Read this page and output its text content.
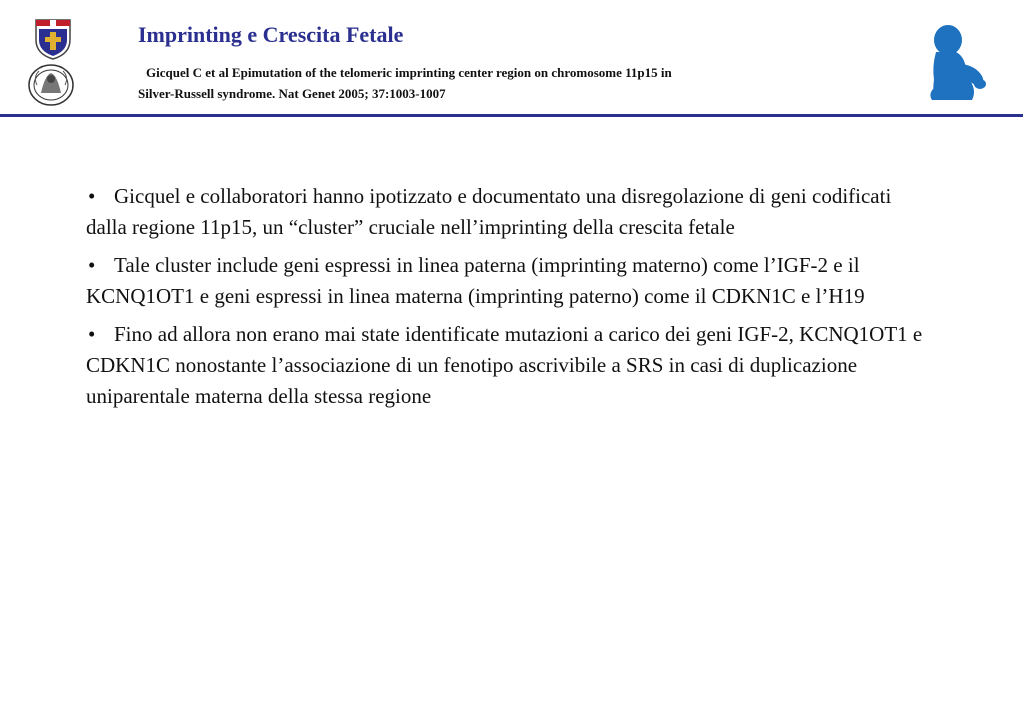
Imprinting e Crescita Fetale
Gicquel C et al Epimutation of the telomeric imprinting center region on chromosome 11p15 in
Silver-Russell syndrome. Nat Genet 2005; 37:1003-1007
• Gicquel e collaboratori hanno ipotizzato e documentato una disregolazione di geni codificati dalla regione 11p15, un “cluster” cruciale nell’imprinting della crescita fetale
• Tale cluster include geni espressi in linea paterna (imprinting materno) come l’IGF-2 e il KCNQ1OT1 e geni espressi in linea materna (imprinting paterno) come il CDKN1C e l’H19
• Fino ad allora non erano mai state identificate mutazioni a carico dei geni IGF-2, KCNQ1OT1 e CDKN1C nonostante l’associazione di un fenotipo ascrivibile a SRS in casi di duplicazione uniparentale materna della stessa regione
